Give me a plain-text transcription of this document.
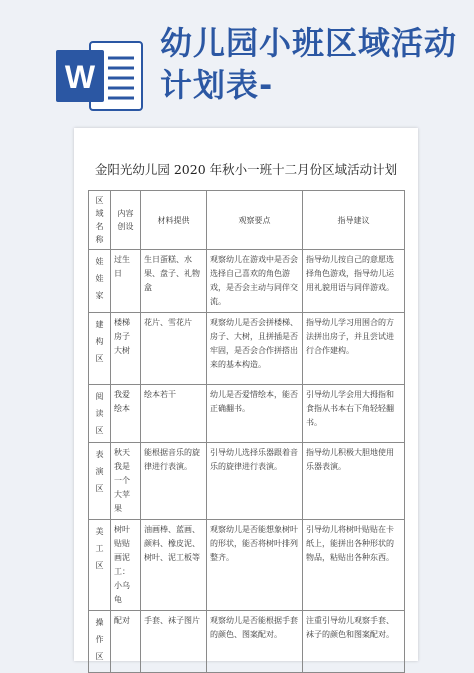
W
幼儿园小班区域活动计划表-
金阳光幼儿园 2020 年秋小一班十二月份区域活动计划
区域名称	内容创设	材料提供	观察要点	指导建议

娃娃家	过生日	生日蛋糕、水果、盘子、礼物盒	观察幼儿在游戏中是否会选择自己喜欢的角色游戏，是否会主动与同伴交流。	指导幼儿按自己的意愿选择角色游戏，指导幼儿运用礼貌用语与同伴游戏。

建构区	楼梯房子大树	花片、雪花片	观察幼儿是否会拼楼梯、房子、大树，且拼插是否牢固，是否会合作拼搭出来的基本构造。	指导幼儿学习用围合的方法拼出房子，并且尝试进行合作建构。

阅读区	我爱绘本	绘本若干	幼儿是否爱惜绘本，能否正确翻书。	引导幼儿学会用大拇指和食指从书本右下角轻轻翻书。

表演区	秋天我是一个大苹果	能根据音乐的旋律进行表演。	引导幼儿选择乐器跟着音乐的旋律进行表演。	指导幼儿积极大胆地使用乐器表演。

美工区	树叶贴贴画泥工：小乌龟	油画棒、蓝画、颜料、橡皮泥、树叶、泥工板等	观察幼儿是否能想象树叶的形状，能否将树叶排列整齐。	引导幼儿将树叶贴贴在卡纸上，能拼出各种形状的物品，粘贴出各种东西。

操作区	配对	手套、袜子图片	观察幼儿是否能根据手套的颜色、图案配对。	注重引导幼儿观察手套、袜子的颜色和图案配对。
